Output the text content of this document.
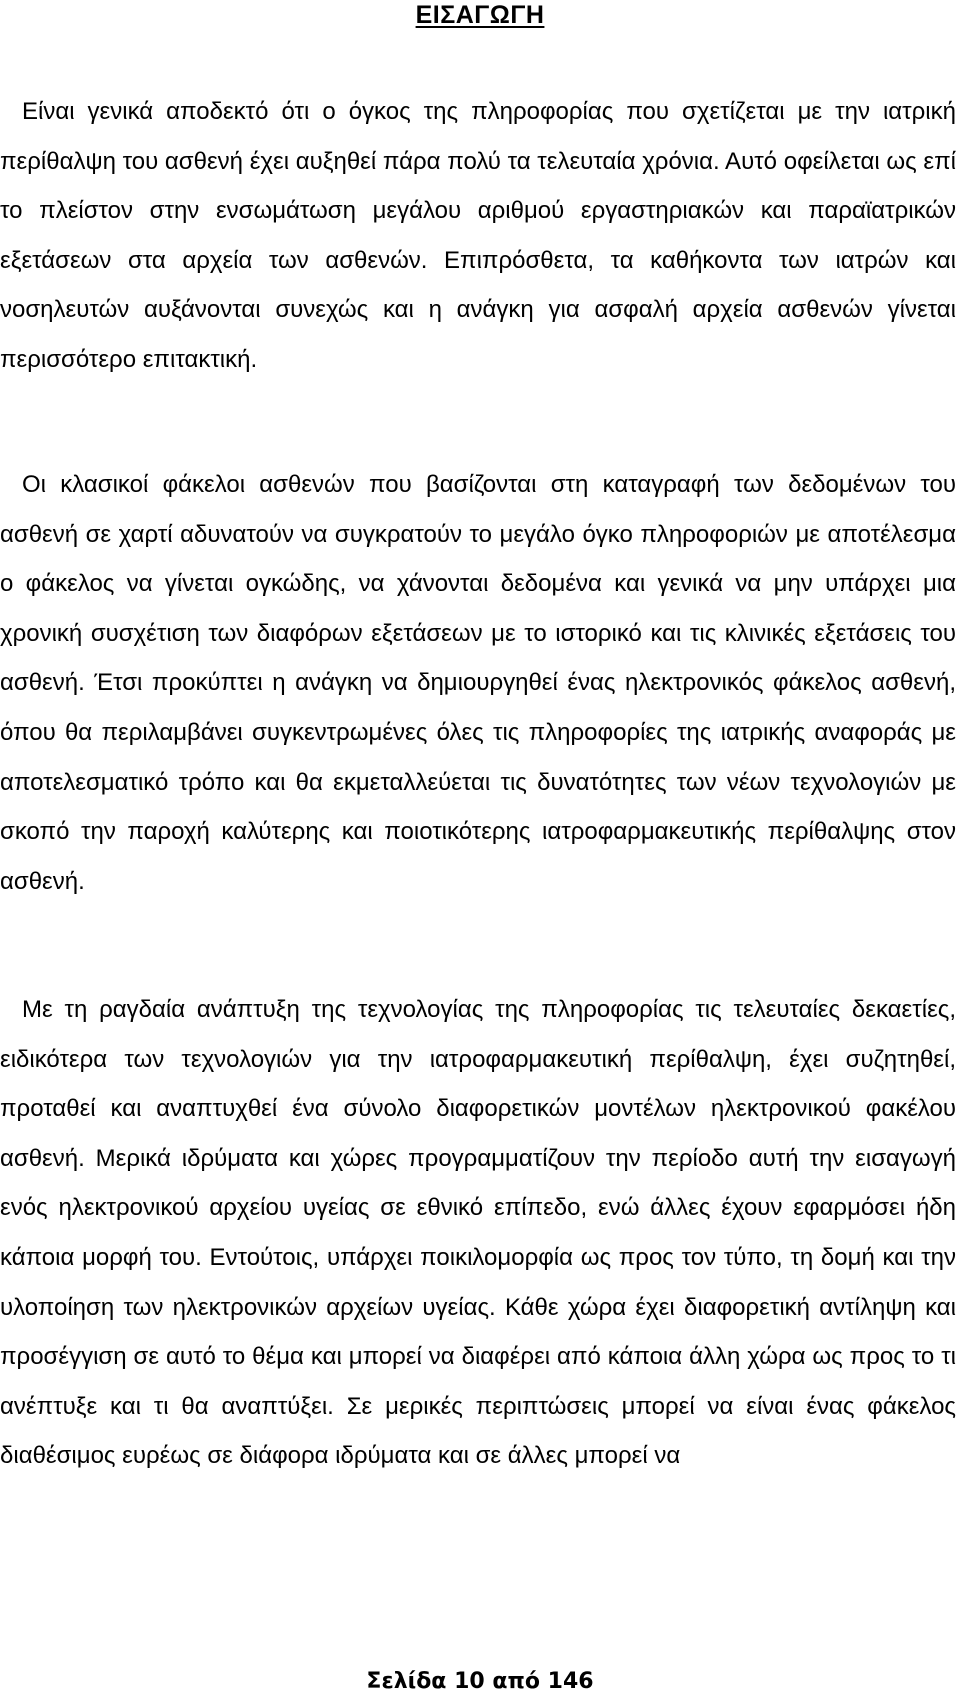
ΕΙΣΑΓΩΓΗ

Είναι γενικά αποδεκτό ότι ο όγκος της πληροφορίας που σχετίζεται με την ιατρική περίθαλψη του ασθενή έχει αυξηθεί πάρα πολύ τα τελευταία χρόνια. Αυτό οφείλεται ως επί το πλείστον στην ενσωμάτωση μεγάλου αριθμού εργαστηριακών και παραϊατρικών εξετάσεων στα αρχεία των ασθενών. Επιπρόσθετα, τα καθήκοντα των ιατρών και νοσηλευτών αυξάνονται συνεχώς και η ανάγκη για ασφαλή αρχεία ασθενών γίνεται περισσότερο επιτακτική.

Οι κλασικοί φάκελοι ασθενών που βασίζονται στη καταγραφή των δεδομένων του ασθενή σε χαρτί αδυνατούν να συγκρατούν το μεγάλο όγκο πληροφοριών με αποτέλεσμα ο φάκελος να γίνεται ογκώδης, να χάνονται δεδομένα και γενικά να μην υπάρχει μια χρονική συσχέτιση των διαφόρων εξετάσεων με το ιστορικό και τις κλινικές εξετάσεις του ασθενή. Έτσι προκύπτει η ανάγκη να δημιουργηθεί ένας ηλεκτρονικός φάκελος ασθενή, όπου θα περιλαμβάνει συγκεντρωμένες όλες τις πληροφορίες της ιατρικής αναφοράς με αποτελεσματικό τρόπο και θα εκμεταλλεύεται τις δυνατότητες των νέων τεχνολογιών με σκοπό την παροχή καλύτερης και ποιοτικότερης ιατροφαρμακευτικής περίθαλψης στον ασθενή.

Με τη ραγδαία ανάπτυξη της τεχνολογίας της πληροφορίας τις τελευταίες δεκαετίες, ειδικότερα των τεχνολογιών για την ιατροφαρμακευτική περίθαλψη, έχει συζητηθεί, προταθεί και αναπτυχθεί ένα σύνολο διαφορετικών μοντέλων ηλεκτρονικού φακέλου ασθενή. Μερικά ιδρύματα και χώρες προγραμματίζουν την περίοδο αυτή την εισαγωγή ενός ηλεκτρονικού αρχείου υγείας σε εθνικό επίπεδο, ενώ άλλες έχουν εφαρμόσει ήδη κάποια μορφή του. Εντούτοις, υπάρχει ποικιλομορφία ως προς τον τύπο, τη δομή και την υλοποίηση των ηλεκτρονικών αρχείων υγείας. Κάθε χώρα έχει διαφορετική αντίληψη και προσέγγιση σε αυτό το θέμα και μπορεί να διαφέρει από κάποια άλλη χώρα ως προς το τι ανέπτυξε και τι θα αναπτύξει. Σε μερικές περιπτώσεις μπορεί να είναι ένας φάκελος διαθέσιμος ευρέως σε διάφορα ιδρύματα και σε άλλες μπορεί να

Σελίδα 10 από 146
